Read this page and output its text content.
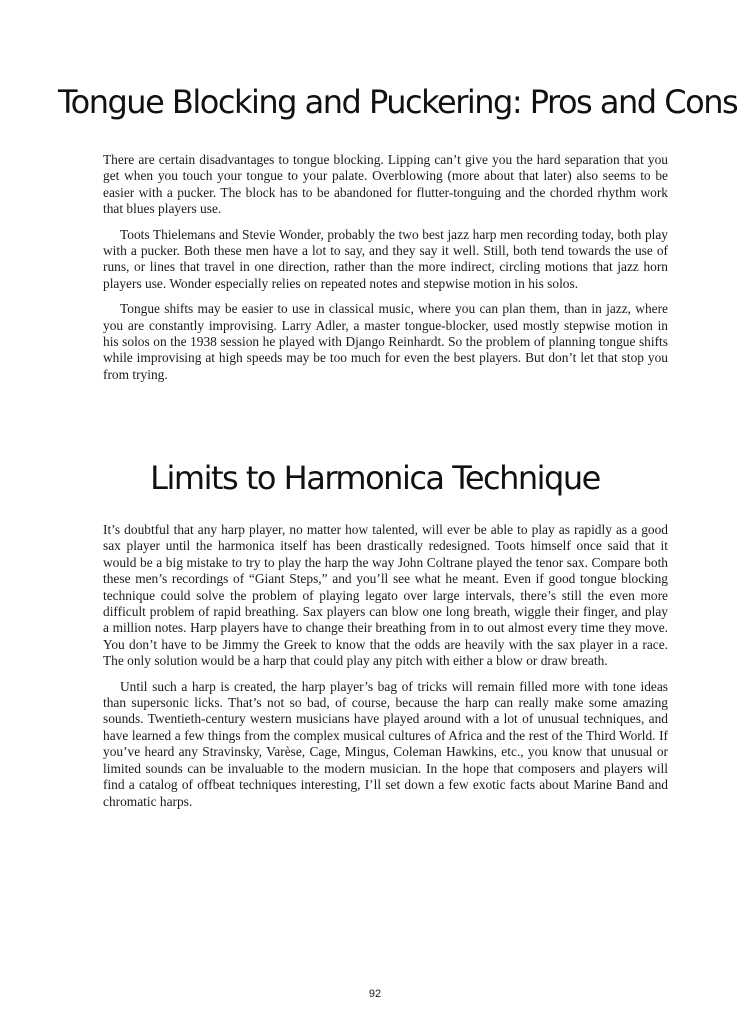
Tongue Blocking and Puckering: Pros and Cons

There are certain disadvantages to tongue blocking. Lipping can’t give you the hard separation that you get when you touch your tongue to your palate. Overblowing (more about that later) also seems to be easier with a pucker. The block has to be abandoned for flutter-tonguing and the chorded rhythm work that blues players use.

Toots Thielemans and Stevie Wonder, probably the two best jazz harp men recording today, both play with a pucker. Both these men have a lot to say, and they say it well. Still, both tend towards the use of runs, or lines that travel in one direction, rather than the more indirect, circling motions that jazz horn players use. Wonder especially relies on repeated notes and stepwise motion in his solos.

Tongue shifts may be easier to use in classical music, where you can plan them, than in jazz, where you are constantly improvising. Larry Adler, a master tongue-blocker, used mostly stepwise motion in his solos on the 1938 session he played with Django Reinhardt. So the problem of planning tongue shifts while improvising at high speeds may be too much for even the best players. But don’t let that stop you from trying.

Limits to Harmonica Technique

It’s doubtful that any harp player, no matter how talented, will ever be able to play as rapidly as a good sax player until the harmonica itself has been drastically redesigned. Toots himself once said that it would be a big mistake to try to play the harp the way John Coltrane played the tenor sax. Compare both these men’s recordings of “Giant Steps,” and you’ll see what he meant. Even if good tongue blocking technique could solve the problem of playing legato over large intervals, there’s still the even more difficult problem of rapid breathing. Sax players can blow one long breath, wiggle their finger, and play a million notes. Harp players have to change their breathing from in to out almost every time they move. You don’t have to be Jimmy the Greek to know that the odds are heavily with the sax player in a race. The only solution would be a harp that could play any pitch with either a blow or draw breath.

Until such a harp is created, the harp player’s bag of tricks will remain filled more with tone ideas than supersonic licks. That’s not so bad, of course, because the harp can really make some amazing sounds. Twentieth-century western musicians have played around with a lot of unusual techniques, and have learned a few things from the complex musical cultures of Africa and the rest of the Third World. If you’ve heard any Stravinsky, Varèse, Cage, Mingus, Coleman Hawkins, etc., you know that unusual or limited sounds can be invaluable to the modern musician. In the hope that composers and players will find a catalog of offbeat techniques interesting, I’ll set down a few exotic facts about Marine Band and chromatic harps.

92
